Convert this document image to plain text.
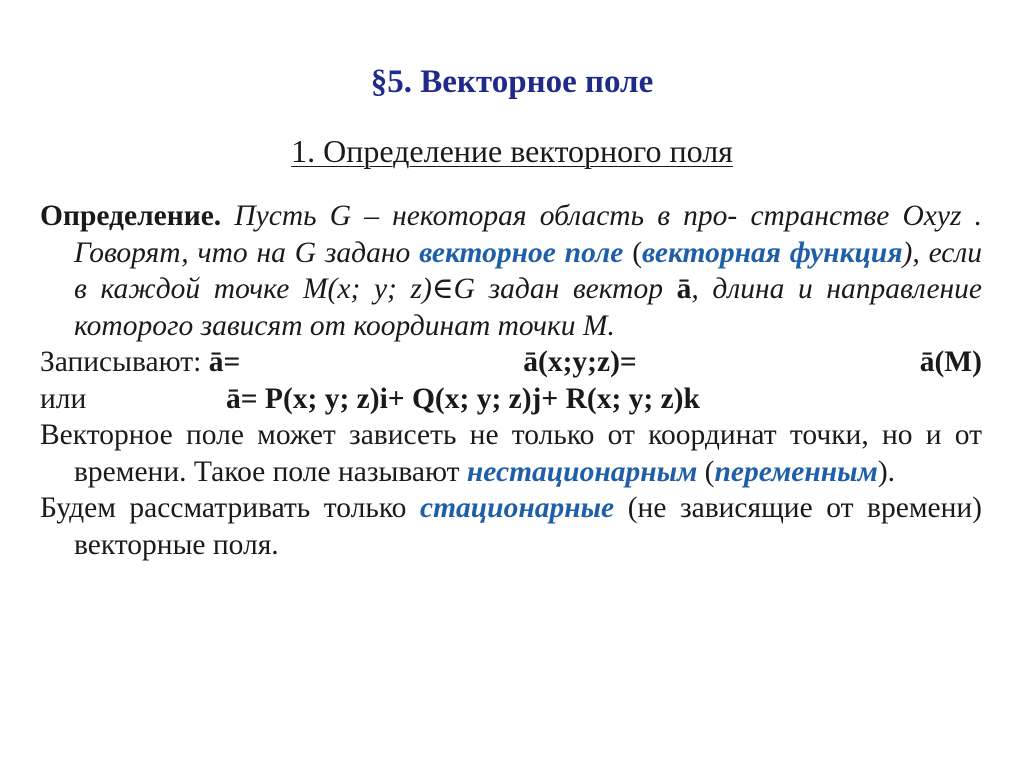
§5. Векторное поле
1. Определение векторного поля

Определение. Пусть G – некоторая область в про- странстве Oxyz . Говорят, что на G задано векторное поле (векторная функция), если в каждой точке M(x; y; z)∈G задан вектор ā, длина и направление которого зависят от координат точки M.

Записывают: ā=	ā(x;y;z)=	ā(M)
или	ā= P(x; y; z)i+ Q(x; y; z)j+ R(x; y; z)k

Векторное поле может зависеть не только от координат точки, но и от времени. Такое поле называют нестационарным (переменным).

Будем рассматривать только стационарные (не зависящие от времени) векторные поля.
